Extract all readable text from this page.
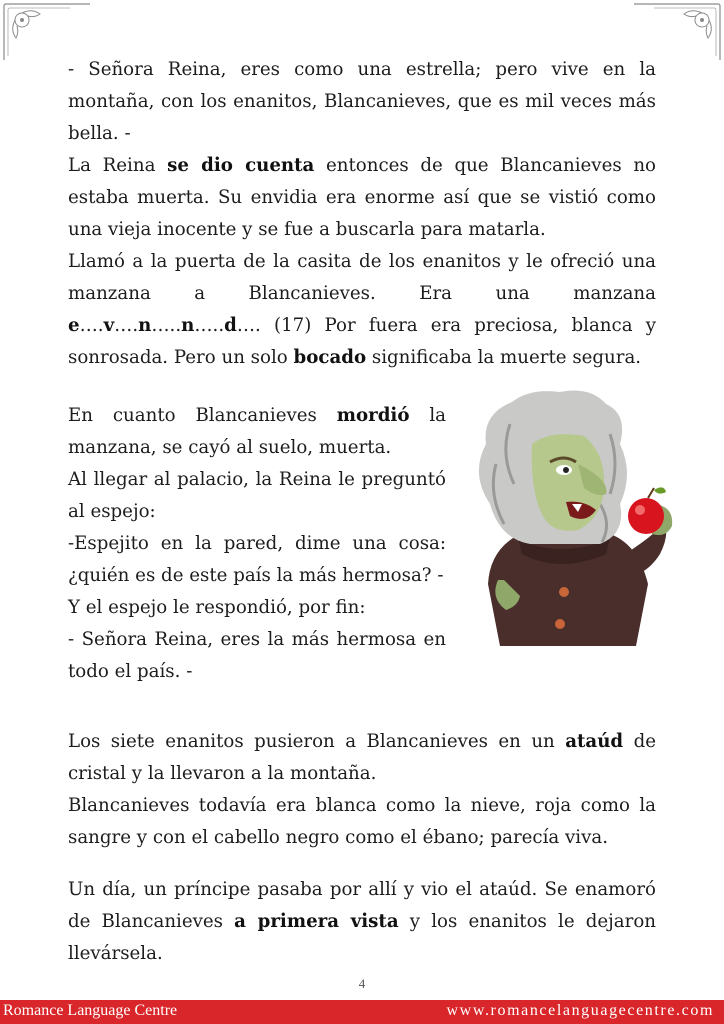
- Señora Reina, eres como una estrella; pero vive en la montaña, con los enanitos, Blancanieves, que es mil veces más bella. -

La Reina se dio cuenta entonces de que Blancanieves no estaba muerta. Su envidia era enorme así que se vistió como una vieja inocente y se fue a buscarla para matarla.

Llamó a la puerta de la casita de los enanitos y le ofreció una manzana a Blancanieves. Era una manzana e….v….n…..n…..d…. (17) Por fuera era preciosa, blanca y sonrosada. Pero un solo bocado significaba la muerte segura.

En cuanto Blancanieves mordió la manzana, se cayó al suelo, muerta.

Al llegar al palacio, la Reina le preguntó al espejo:

-Espejito en la pared, dime una cosa: ¿quién es de este país la más hermosa? -

Y el espejo le respondió, por fin:

- Señora Reina, eres la más hermosa en todo el país. -

Los siete enanitos pusieron a Blancanieves en un ataúd de cristal y la llevaron a la montaña.

Blancanieves todavía era blanca como la nieve, roja como la sangre y con el cabello negro como el ébano; parecía viva.

Un día, un príncipe pasaba por allí y vio el ataúd. Se enamoró de Blancanieves a primera vista y los enanitos le dejaron llevársela.

4
Romance Language Centre	www.romancelanguagecentre.com
